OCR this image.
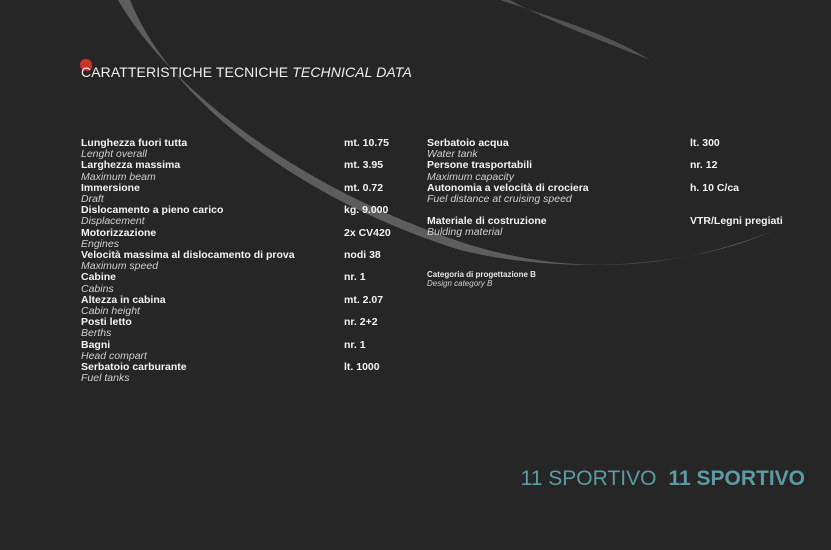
CARATTERISTICHE TECNICHE TECHNICAL DATA
Lunghezza fuori tutta
Lenght overall
mt. 10.75
Larghezza massima
Maximum beam
mt. 3.95
Immersione
Draft
mt. 0.72
Dislocamento a pieno carico
Displacement
kg. 9.000
Motorizzazione
Engines
2x CV420
Velocità massima al dislocamento di prova
Maximum speed
nodi 38
Cabine
Cabins
nr. 1
Altezza in cabina
Cabin height
mt. 2.07
Posti letto
Berths
nr. 2+2
Bagni
Head compart
nr. 1
Serbatoio carburante
Fuel tanks
lt. 1000
Serbatoio acqua
Water tank
lt. 300
Persone trasportabili
Maximum capacity
nr. 12
Autonomia a velocità di crociera
Fuel distance at cruising speed
h. 10 C/ca
Materiale di costruzione
Bulding material
VTR/Legni pregiati
Categoria di progettazione B
Design category B
11 SPORTIVO 11 SPORTIVO
